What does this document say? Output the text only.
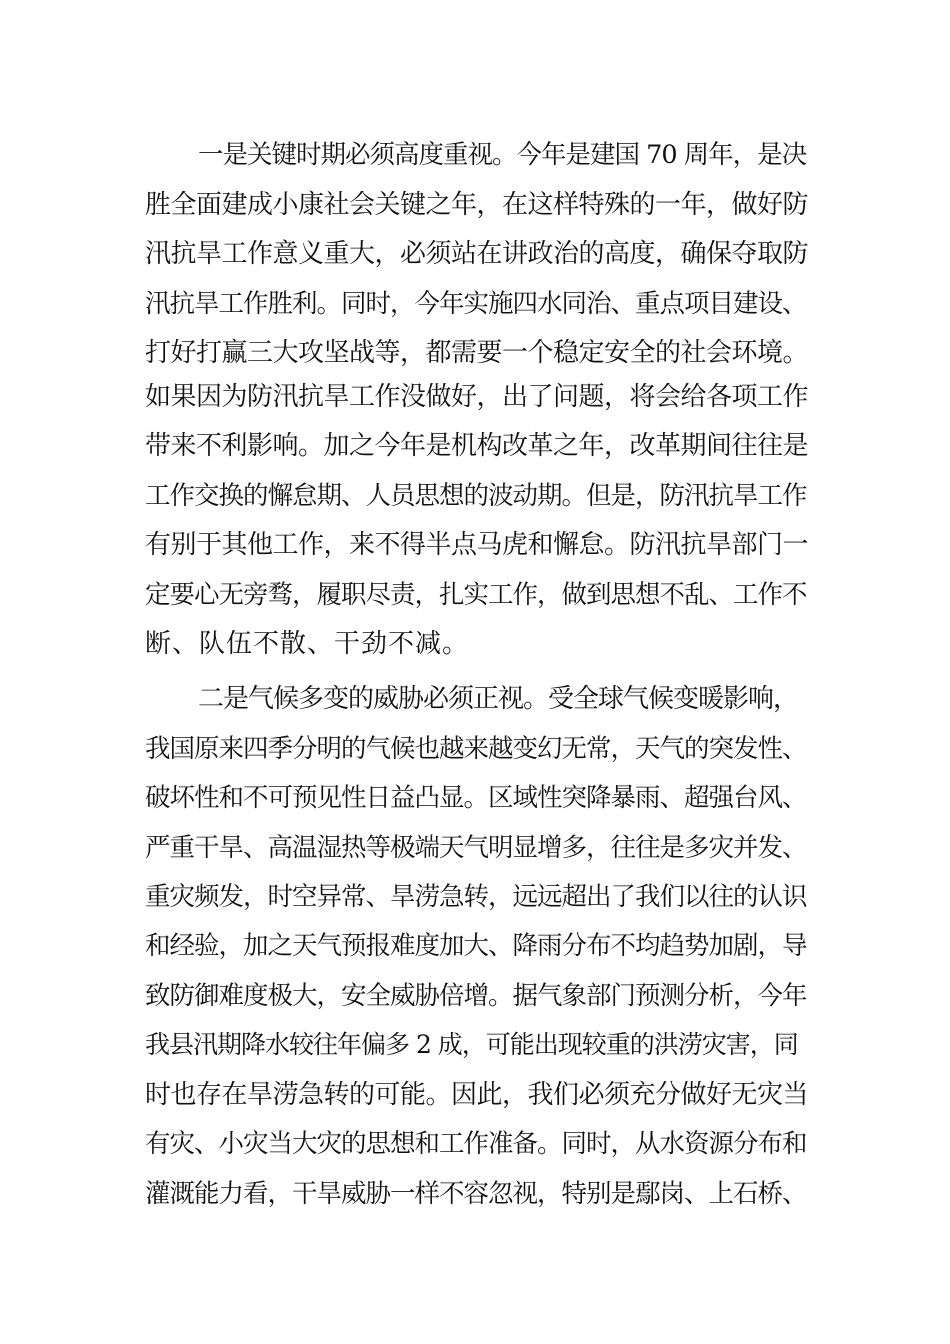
一是关键时期必须高度重视。今年是建国 70 周年，是决
胜全面建成小康社会关键之年，在这样特殊的一年，做好防
汛抗旱工作意义重大，必须站在讲政治的高度，确保夺取防
汛抗旱工作胜利。同时，今年实施四水同治、重点项目建设、
打好打赢三大攻坚战等，都需要一个稳定安全的社会环境。
如果因为防汛抗旱工作没做好，出了问题，将会给各项工作
带来不利影响。加之今年是机构改革之年，改革期间往往是
工作交换的懈怠期、人员思想的波动期。但是，防汛抗旱工作
有别于其他工作，来不得半点马虎和懈怠。防汛抗旱部门一
定要心无旁骛，履职尽责，扎实工作，做到思想不乱、工作不
断、队伍不散、干劲不减。
二是气候多变的威胁必须正视。受全球气候变暖影响，
我国原来四季分明的气候也越来越变幻无常，天气的突发性、
破坏性和不可预见性日益凸显。区域性突降暴雨、超强台风、
严重干旱、高温湿热等极端天气明显增多，往往是多灾并发、
重灾频发，时空异常、旱涝急转，远远超出了我们以往的认识
和经验，加之天气预报难度加大、降雨分布不均趋势加剧，导
致防御难度极大，安全威胁倍增。据气象部门预测分析，今年
我县汛期降水较往年偏多 2 成，可能出现较重的洪涝灾害，同
时也存在旱涝急转的可能。因此，我们必须充分做好无灾当
有灾、小灾当大灾的思想和工作准备。同时，从水资源分布和
灌溉能力看，干旱威胁一样不容忽视，特别是鄢岗、上石桥、
